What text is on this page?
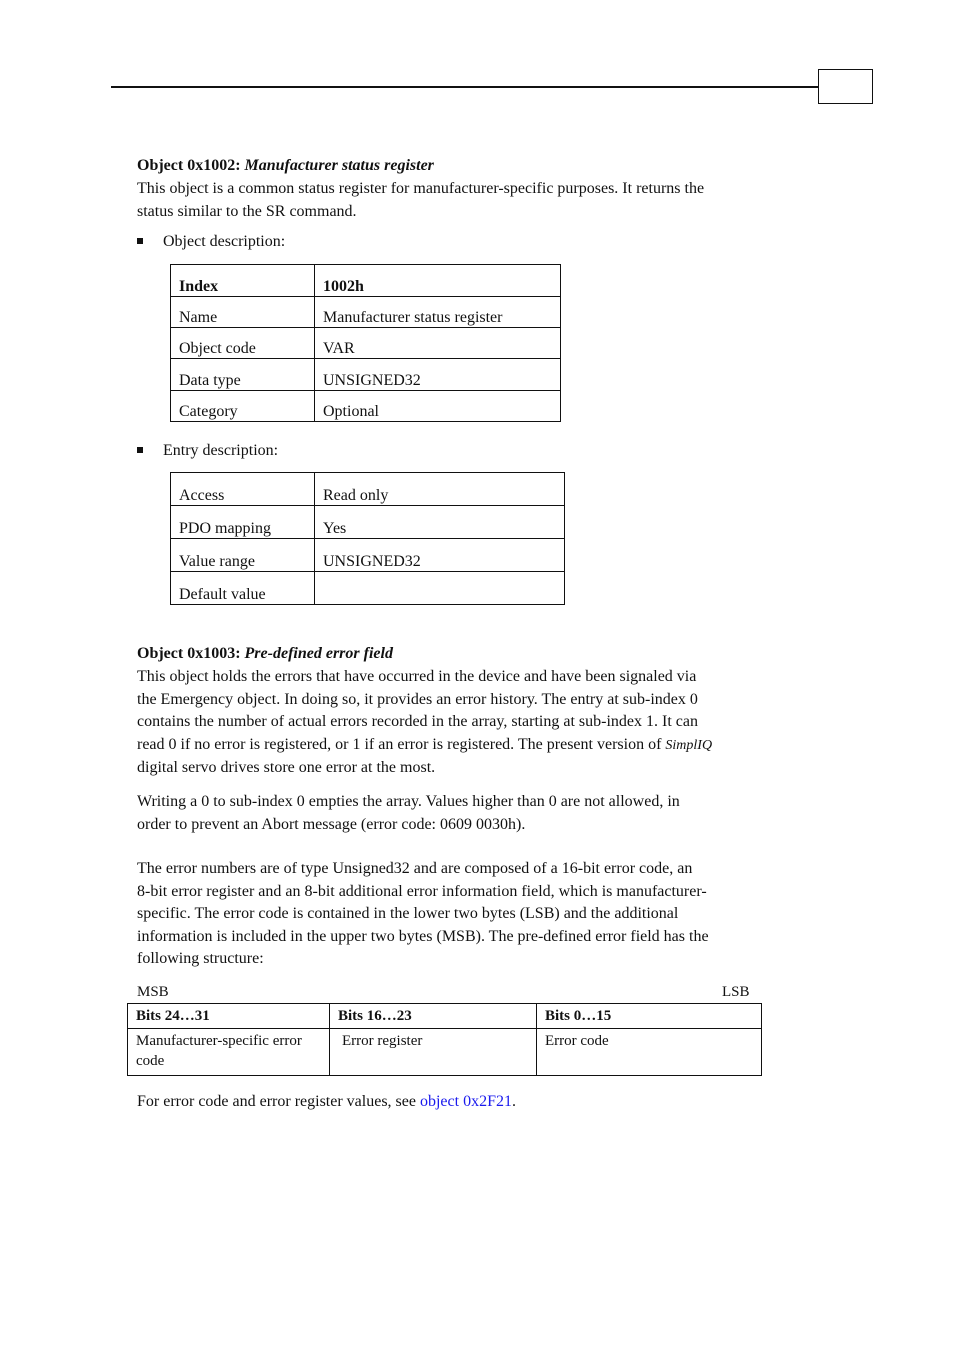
Object 0x1002: Manufacturer status register
This object is a common status register for manufacturer-specific purposes. It returns the
status similar to the SR command.
Object description:
Index	1002h
Name	Manufacturer status register
Object code	VAR
Data type	UNSIGNED32
Category	Optional
Entry description:
Access	Read only
PDO mapping	Yes
Value range	UNSIGNED32
Default value	
Object 0x1003: Pre-defined error field
This object holds the errors that have occurred in the device and have been signaled via
the Emergency object. In doing so, it provides an error history. The entry at sub-index 0
contains the number of actual errors recorded in the array, starting at sub-index 1. It can
read 0 if no error is registered, or 1 if an error is registered. The present version of SimplIQ
digital servo drives store one error at the most.
Writing a 0 to sub-index 0 empties the array. Values higher than 0 are not allowed, in
order to prevent an Abort message (error code: 0609 0030h).
The error numbers are of type Unsigned32 and are composed of a 16-bit error code, an
8-bit error register and an 8-bit additional error information field, which is manufacturer-
specific. The error code is contained in the lower two bytes (LSB) and the additional
information is included in the upper two bytes (MSB). The pre-defined error field has the
following structure:
MSB	LSB
Bits 24…31	Bits 16…23	Bits 0…15
Manufacturer-specific error code	Error register	Error code
For error code and error register values, see object 0x2F21.
